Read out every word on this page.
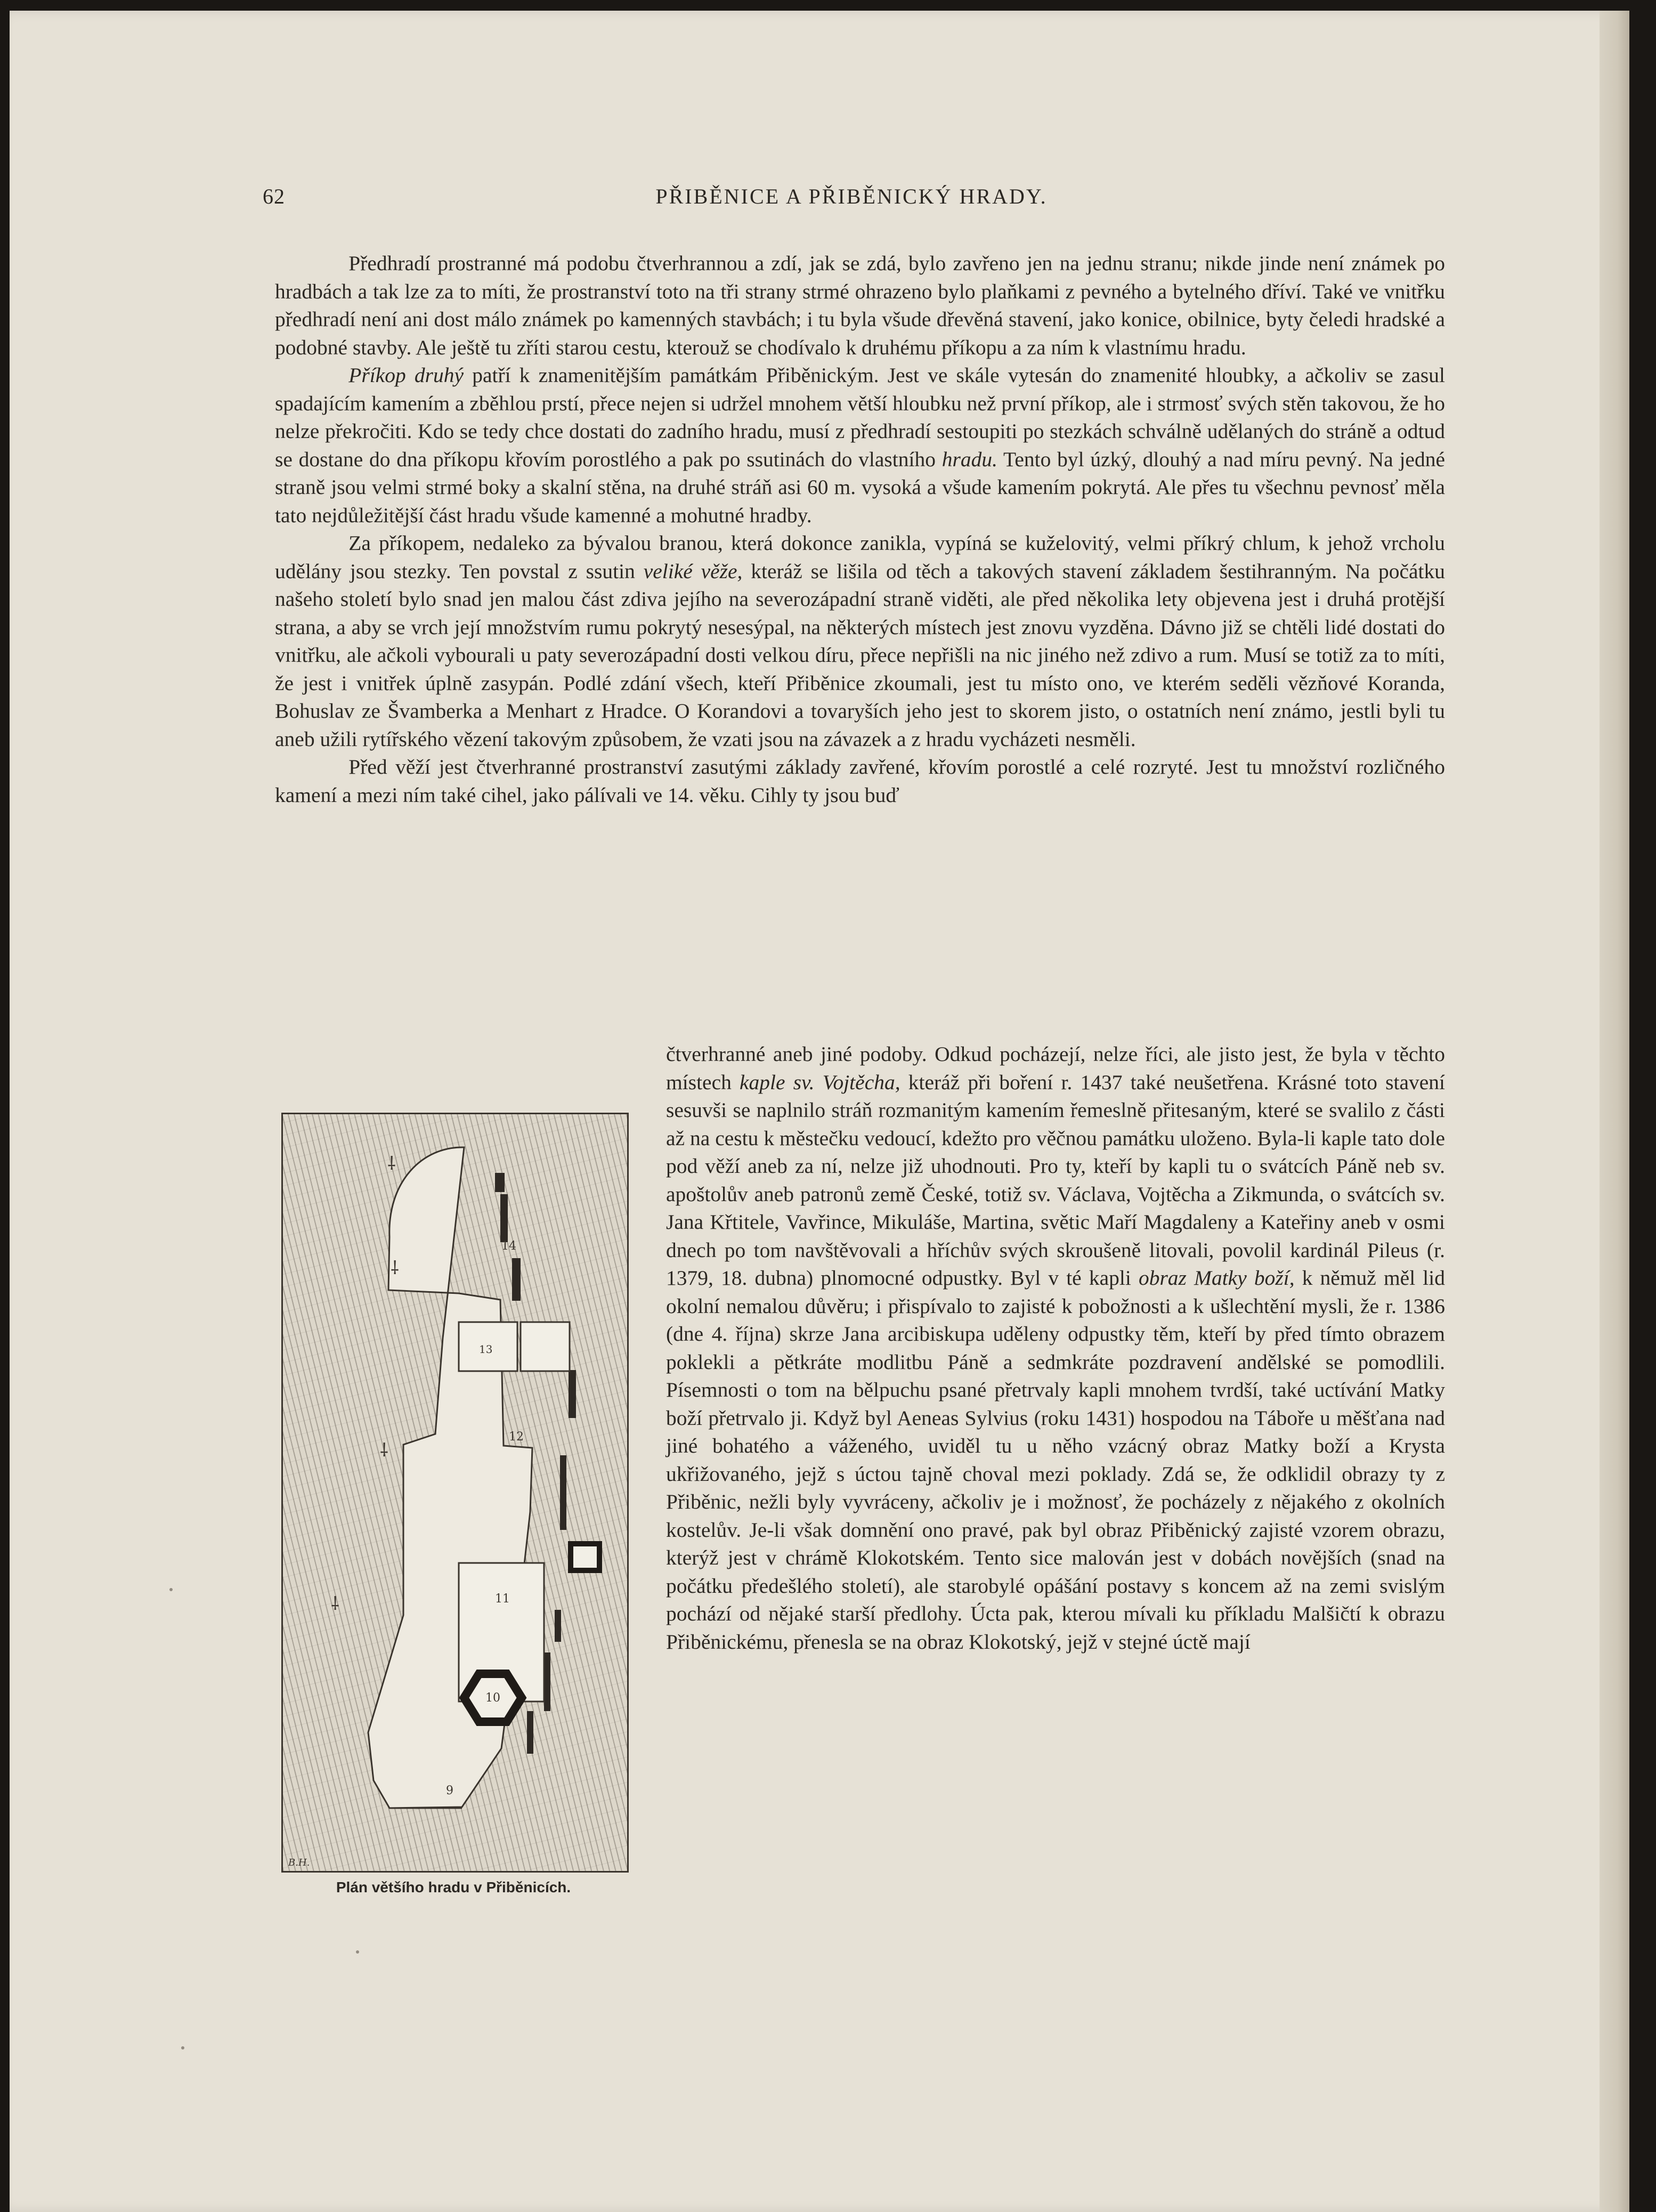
62	PŘIBĚNICE A PŘIBĚNICKÝ HRADY.

Předhradí prostranné má podobu čtverhrannou a zdí, jak se zdá, bylo zavřeno jen na jednu stranu; nikde jinde není známek po hradbách a tak lze za to míti, že prostranství toto na tři strany strmé ohrazeno bylo plaňkami z pevného a bytelného dříví. Také ve vnitřku předhradí není ani dost málo známek po kamenných stavbách; i tu byla všude dřevěná stavení, jako konice, obilnice, byty čeledi hradské a podobné stavby. Ale ještě tu zříti starou cestu, kterouž se chodívalo k druhému příkopu a za ním k vlastnímu hradu.

Příkop druhý patří k znamenitějším památkám Přiběnickým. Jest ve skále vytesán do znamenité hloubky, a ačkoliv se zasul spadajícím kamením a zběhlou prstí, přece nejen si udržel mnohem větší hloubku než první příkop, ale i strmosť svých stěn takovou, že ho nelze překročiti. Kdo se tedy chce dostati do zadního hradu, musí z předhradí sestoupiti po stezkách schválně udělaných do stráně a odtud se dostane do dna příkopu křovím porostlého a pak po ssutinách do vlastního hradu. Tento byl úzký, dlouhý a nad míru pevný. Na jedné straně jsou velmi strmé boky a skalní stěna, na druhé stráň asi 60 m. vysoká a všude kamením pokrytá. Ale přes tu všechnu pevnosť měla tato nejdůležitější část hradu všude kamenné a mohutné hradby.

Za příkopem, nedaleko za bývalou branou, která dokonce zanikla, vypíná se kuželovitý, velmi příkrý chlum, k jehož vrcholu udělány jsou stezky. Ten povstal z ssutin veliké věže, kteráž se lišila od těch a takových stavení základem šestihranným. Na počátku našeho století bylo snad jen malou část zdiva jejího na severozápadní straně viděti, ale před několika lety objevena jest i druhá protější strana, a aby se vrch její množstvím rumu pokrytý nesesýpal, na některých místech jest znovu vyzděna. Dávno již se chtěli lidé dostati do vnitřku, ale ačkoli vybourali u paty severozápadní dosti velkou díru, přece nepřišli na nic jiného než zdivo a rum. Musí se totiž za to míti, že jest i vnitřek úplně zasypán. Podlé zdání všech, kteří Přiběnice zkoumali, jest tu místo ono, ve kterém seděli vězňové Koranda, Bohuslav ze Švamberka a Menhart z Hradce. O Korandovi a tovaryších jeho jest to skorem jisto, o ostatních není známo, jestli byli tu aneb užili rytířského vězení takovým způsobem, že vzati jsou na závazek a z hradu vycházeti nesměli.

Před věží jest čtverhranné prostranství zasutými základy zavřené, křovím porostlé a celé rozryté. Jest tu množství rozličného kamení a mezi ním také cihel, jako pálívali ve 14. věku. Cihly ty jsou buď

čtverhranné aneb jiné podoby. Odkud pocházejí, nelze říci, ale jisto jest, že byla v těchto místech kaple sv. Vojtěcha, kteráž při boření r. 1437 také neušetřena. Krásné toto stavení sesuvši se naplnilo stráň rozmanitým kamením řemeslně přitesaným, které se svalilo z části až na cestu k městečku vedoucí, kdežto pro věčnou památku uloženo. Byla-li kaple tato dole pod věží aneb za ní, nelze již uhodnouti. Pro ty, kteří by kapli tu o svátcích Páně neb sv. apoštolův aneb patronů země České, totiž sv. Václava, Vojtěcha a Zikmunda, o svátcích sv. Jana Křtitele, Vavřince, Mikuláše, Martina, světic Maří Magdaleny a Kateřiny aneb v osmi dnech po tom navštěvovali a hříchův svých skroušeně litovali, povolil kardinál Pileus (r. 1379, 18. dubna) plnomocné odpustky. Byl v té kapli obraz Matky boží, k němuž měl lid okolní nemalou důvěru; i přispívalo to zajisté k pobožnosti a k ušlechtění mysli, že r. 1386 (dne 4. října) skrze Jana arcibiskupa uděleny odpustky těm, kteří by před tímto obrazem poklekli a pětkráte modlitbu Páně a sedmkráte pozdravení andělské se pomodlili. Písemnosti o tom na bělpuchu psané přetrvaly kapli mnohem tvrdší, také uctívání Matky boží přetrvalo ji. Když byl Aeneas Sylvius (roku 1431) hospodou na Táboře u měšťana nad jiné bohatého a váženého, uviděl tu u něho vzácný obraz Matky boží a Krysta ukřižovaného, jejž s úctou tajně choval mezi poklady. Zdá se, že odklidil obrazy ty z Přiběnic, nežli byly vyvráceny, ačkoliv je i možnosť, že pocházely z nějakého z okolních kostelův. Je-li však domnění ono pravé, pak byl obraz Přiběnický zajisté vzorem obrazu, kterýž jest v chrámě Klokotském. Tento sice malován jest v dobách novějších (snad na počátku předešlého století), ale starobylé opášání postavy s koncem až na zemi svislým pochází od nějaké starší předlohy. Úcta pak, kterou mívali ku příkladu Malšičtí k obrazu Přiběnickému, přenesla se na obraz Klokotský, jejž v stejné úctě mají

⸸
⸸
⸸
⸸
14
13
12
11
10
9
B.H.
Plán většího hradu v Přiběnicích.
